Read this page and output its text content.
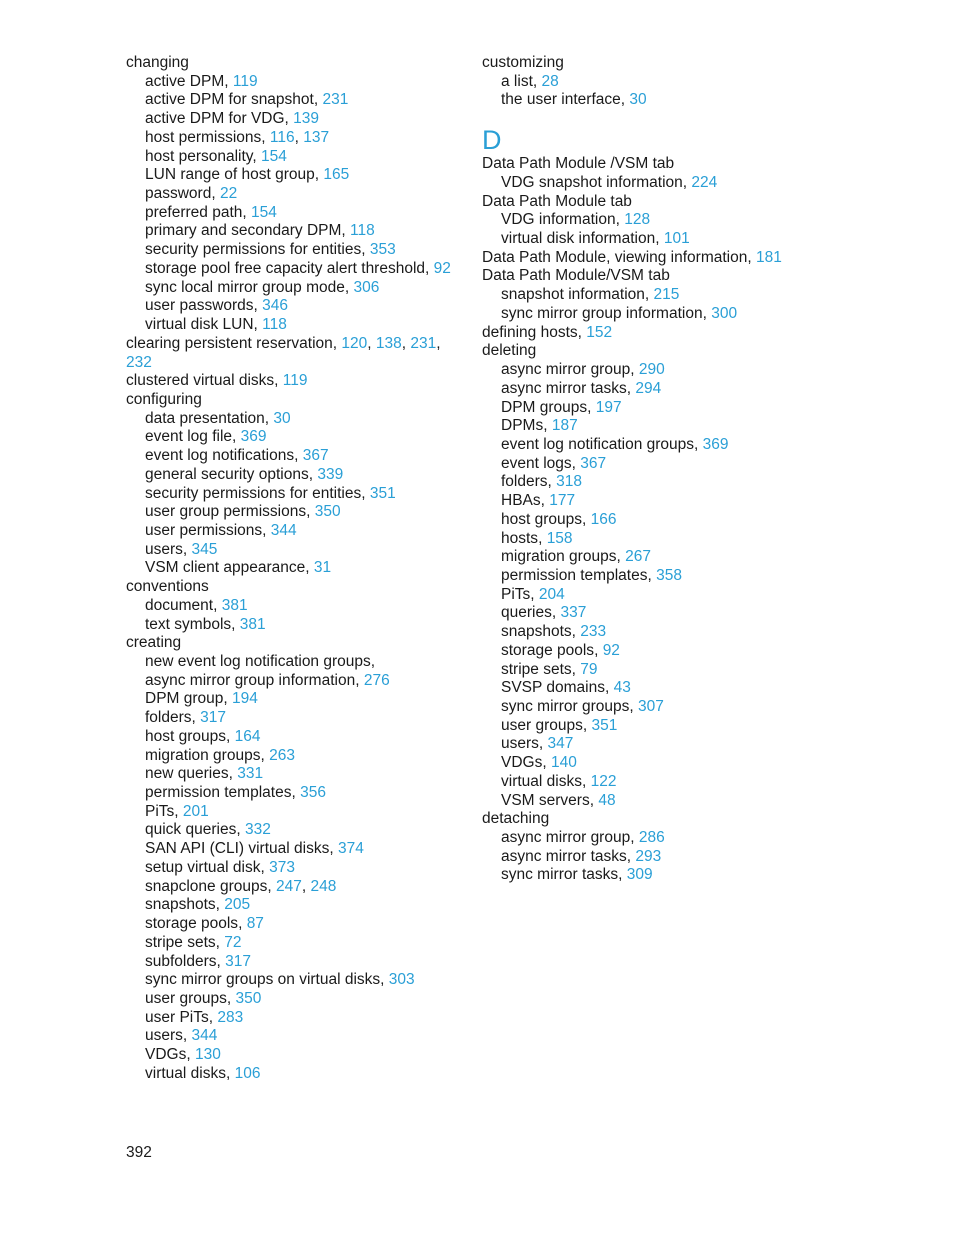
changing
active DPM, 119
active DPM for snapshot, 231
active DPM for VDG, 139
host permissions, 116, 137
host personality, 154
LUN range of host group, 165
password, 22
preferred path, 154
primary and secondary DPM, 118
security permissions for entities, 353
storage pool free capacity alert threshold, 92
sync local mirror group mode, 306
user passwords, 346
virtual disk LUN, 118
clearing persistent reservation, 120, 138, 231,
232
clustered virtual disks, 119
configuring
data presentation, 30
event log file, 369
event log notifications, 367
general security options, 339
security permissions for entities, 351
user group permissions, 350
user permissions, 344
users, 345
VSM client appearance, 31
conventions
document, 381
text symbols, 381
creating
new event log notification groups,
async mirror group information, 276
DPM group, 194
folders, 317
host groups, 164
migration groups, 263
new queries, 331
permission templates, 356
PiTs, 201
quick queries, 332
SAN API (CLI) virtual disks, 374
setup virtual disk, 373
snapclone groups, 247, 248
snapshots, 205
storage pools, 87
stripe sets, 72
subfolders, 317
sync mirror groups on virtual disks, 303
user groups, 350
user PiTs, 283
users, 344
VDGs, 130
virtual disks, 106
customizing
a list, 28
the user interface, 30
D
Data Path Module /VSM tab
VDG snapshot information, 224
Data Path Module tab
VDG information, 128
virtual disk information, 101
Data Path Module, viewing information, 181
Data Path Module/VSM tab
snapshot information, 215
sync mirror group information, 300
defining hosts, 152
deleting
async mirror group, 290
async mirror tasks, 294
DPM groups, 197
DPMs, 187
event log notification groups, 369
event logs, 367
folders, 318
HBAs, 177
host groups, 166
hosts, 158
migration groups, 267
permission templates, 358
PiTs, 204
queries, 337
snapshots, 233
storage pools, 92
stripe sets, 79
SVSP domains, 43
sync mirror groups, 307
user groups, 351
users, 347
VDGs, 140
virtual disks, 122
VSM servers, 48
detaching
async mirror group, 286
async mirror tasks, 293
sync mirror tasks, 309
392
